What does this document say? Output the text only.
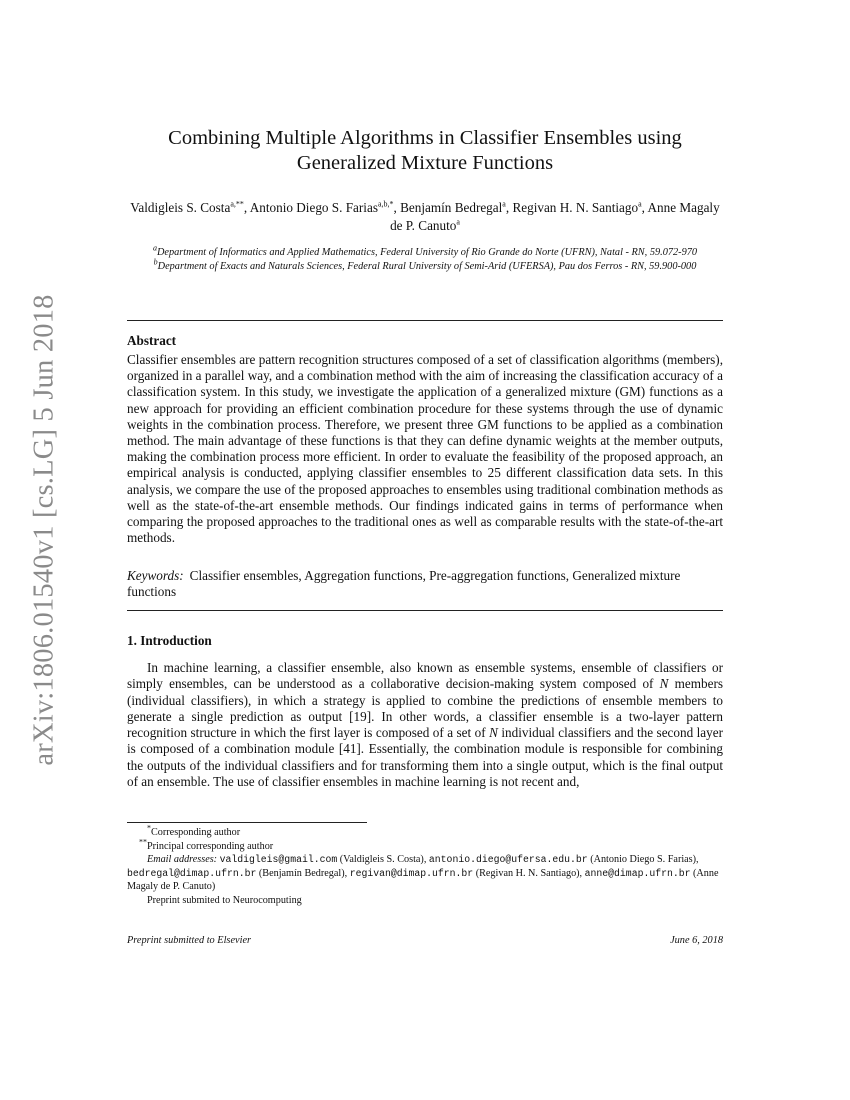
arXiv:1806.01540v1 [cs.LG] 5 Jun 2018
Combining Multiple Algorithms in Classifier Ensembles using
Generalized Mixture Functions
Valdigleis S. Costa$^{a,**}$, Antonio Diego S. Farias$^{a,b,*}$, Benjamín Bedregal$^a$, Regivan H. N. Santiago$^a$, Anne Magaly de P. Canuto$^a$
$^a$Department of Informatics and Applied Mathematics, Federal University of Rio Grande do Norte (UFRN), Natal - RN, 59.072-970
$^b$Department of Exacts and Naturals Sciences, Federal Rural University of Semi-Arid (UFERSA), Pau dos Ferros - RN, 59.900-000
Abstract
Classifier ensembles are pattern recognition structures composed of a set of classification algorithms (members), organized in a parallel way, and a combination method with the aim of increasing the classification accuracy of a classification system. In this study, we investigate the application of a generalized mixture (GM) functions as a new approach for providing an efficient combination procedure for these systems through the use of dynamic weights in the combination process. Therefore, we present three GM functions to be applied as a combination method. The main advantage of these functions is that they can define dynamic weights at the member outputs, making the combination process more efficient. In order to evaluate the feasibility of the proposed approach, an empirical analysis is conducted, applying classifier ensembles to 25 different classification data sets. In this analysis, we compare the use of the proposed approaches to ensembles using traditional combination methods as well as the state-of-the-art ensemble methods. Our findings indicated gains in terms of performance when comparing the proposed approaches to the traditional ones as well as comparable results with the state-of-the-art methods.
Keywords: Classifier ensembles, Aggregation functions, Pre-aggregation functions, Generalized mixture functions
1. Introduction
In machine learning, a classifier ensemble, also known as ensemble systems, ensemble of classifiers or simply ensembles, can be understood as a collaborative decision-making system composed of N members (individual classifiers), in which a strategy is applied to combine the predictions of ensemble members to generate a single prediction as output [19]. In other words, a classifier ensemble is a two-layer pattern recognition structure in which the first layer is composed of a set of N individual classifiers and the second layer is composed of a combination module [41]. Essentially, the combination module is responsible for combining the outputs of the individual classifiers and for transforming them into a single output, which is the final output of an ensemble. The use of classifier ensembles in machine learning is not recent and,
*Corresponding author
**Principal corresponding author
Email addresses: valdigleis@gmail.com (Valdigleis S. Costa), antonio.diego@ufersa.edu.br (Antonio Diego S. Farias), bedregal@dimap.ufrn.br (Benjamín Bedregal), regivan@dimap.ufrn.br (Regivan H. N. Santiago), anne@dimap.ufrn.br (Anne Magaly de P. Canuto)
Preprint submited to Neurocomputing
Preprint submitted to Elsevier	June 6, 2018
